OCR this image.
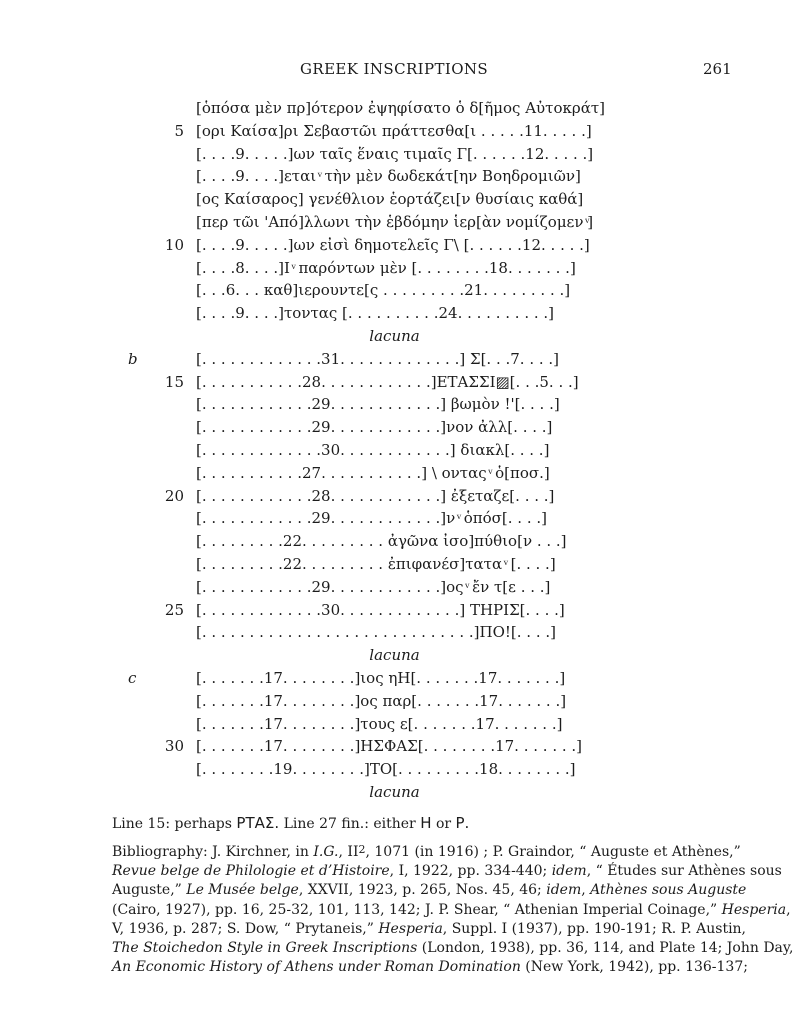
GREEK INSCRIPTIONS	261
[ὁπόσα μὲν πρ]ότερον ἐψηφίσατο ὁ δ[ῆμος Αὐτοκράτ]
5 [ορι Καίσα]ρι Σεβαστῶι πράττεσθα[ι . . . . .11. . . . .]
[. . . .9. . . . .]ων ταῖς ἕναις τιμαῖς Γ[. . . . . .12. . . . .]
[. . . .9. . . .]εται ͮ τὴν μὲν δωδεκάτ[ην Βοηδρομιῶν]
[ος Καίσαρος] γενέθλιον ἑορτάζει[ν θυσίαις καθά]
[περ τῶι 'Από]λλωνι τὴν ἑβδόμην ἱερ[ὰν νομίζομεν ͮ]
10 [. . . .9. . . . .]ων εἰσὶ δημοτελεῖς Γ\ [. . . . . .12. . . . .]
[. . . .8. . . .]Ι ͮ παρόντων μὲν [. . . . . . . .18. . . . . . .]
[. . .6. . . καθ]ιερουντε[ς . . . . . . . . .21. . . . . . . . .]
[. . . .9. . . .]τοντας [. . . . . . . . . .24. . . . . . . . . .]
lacuna
b	[. . . . . . . . . . . . .31. . . . . . . . . . . . .] Σ[. . .7. . . .]
15 [. . . . . . . . . . .28. . . . . . . . . . . .]ΕΤΑΣΣΙ▨[. . .5. . .]
[. . . . . . . . . . . .29. . . . . . . . . . . .] βωμὸν !'[. . . .]
[. . . . . . . . . . . .29. . . . . . . . . . . .]νον ἀλλ[. . . .]
[. . . . . . . . . . . . .30. . . . . . . . . . . .] διακλ[. . . .]
[. . . . . . . . . . .27. . . . . . . . . . .] \ οντας ͮ ὁ[ποσ.]
20 [. . . . . . . . . . . .28. . . . . . . . . . . .] ἐξεταζε[. . . .]
[. . . . . . . . . . . .29. . . . . . . . . . . .]ν ͮ ὁπόσ[. . . .]
[. . . . . . . . .22. . . . . . . . . ἀγῶνα ἰσο]πύθιο[ν . . .]
[. . . . . . . . .22. . . . . . . . . ἐπιφανέσ]τατα ͮ [. . . .]
[. . . . . . . . . . . .29. . . . . . . . . . . .]ος ͮ ἔν τ[ε . . .]
25 [. . . . . . . . . . . . .30. . . . . . . . . . . . .] ΤΗΡΙΣ[. . . .]
[. . . . . . . . . . . . . . . . . . . . . . . . . . . . .]ΠΟ![. . . .]
lacuna
c	[. . . . . . .17. . . . . . . .]ιος ηΗ[. . . . . . .17. . . . . . .]
[. . . . . . .17. . . . . . . .]ος παρ[. . . . . . .17. . . . . . .]
[. . . . . . .17. . . . . . . .]τους ε[. . . . . . .17. . . . . . .]
30 [. . . . . . .17. . . . . . . .]ΗΣΦΑΣ[. . . . . . . .17. . . . . . .]
[. . . . . . . .19. . . . . . . .]ΤΟ[. . . . . . . . .18. . . . . . . .]
lacuna
Line 15: perhaps ΡΤΑΣ. Line 27 fin.: either Η or Ρ.

Bibliography: J. Kirchner, in I.G., $II^2$, 1071 (in 1916) ; P. Graindor, “ Auguste et Athènes,”

Revue belge de Philologie et d’Histoire, I, 1922, pp. 334-440; idem, “ Études sur Athènes sous

Auguste,” Le Musée belge, XXVII, 1923, p. 265, Nos. 45, 46; idem, Athènes sous Auguste

(Cairo, 1927), pp. 16, 25-32, 101, 113, 142; J. P. Shear, “ Athenian Imperial Coinage,” Hesperia,

V, 1936, p. 287; S. Dow, “ Prytaneis,” Hesperia, Suppl. I (1937), pp. 190-191; R. P. Austin,

The Stoichedon Style in Greek Inscriptions (London, 1938), pp. 36, 114, and Plate 14; John Day,

An Economic History of Athens under Roman Domination (New York, 1942), pp. 136-137;
